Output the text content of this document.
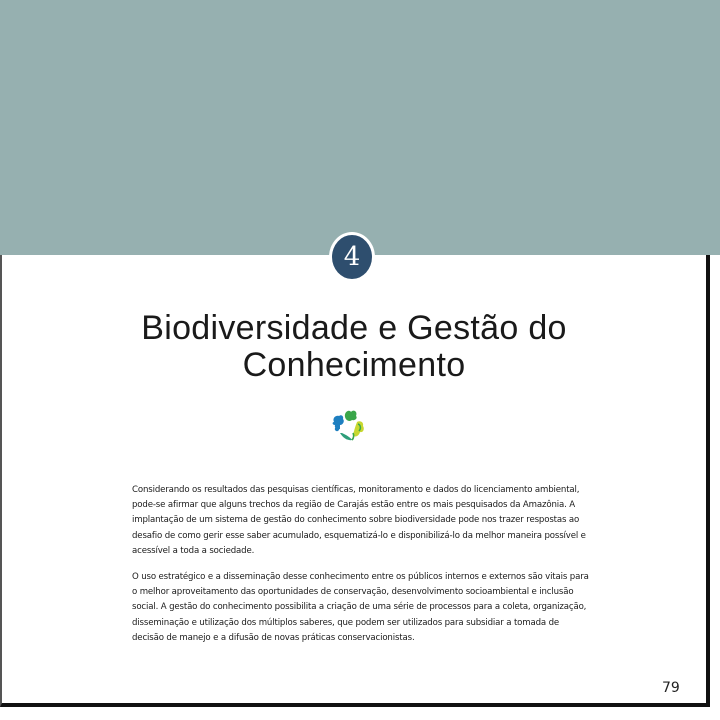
4
Biodiversidade e Gestão do
Conhecimento

Considerando os resultados das pesquisas científicas, monitoramento e dados do licenciamento ambiental, pode-se afirmar que alguns trechos da região de Carajás estão entre os mais pesquisados da Amazônia. A implantação de um sistema de gestão do conhecimento sobre biodiversidade pode nos trazer respostas ao desafio de como gerir esse saber acumulado, esquematizá-lo e disponibilizá-lo da melhor maneira possível e acessível a toda a sociedade.

O uso estratégico e a disseminação desse conhecimento entre os públicos internos e externos são vitais para o melhor aproveitamento das oportunidades de conservação, desenvolvimento socioambiental e inclusão social. A gestão do conhecimento possibilita a criação de uma série de processos para a coleta, organização, disseminação e utilização dos múltiplos saberes, que podem ser utilizados para subsidiar a tomada de decisão de manejo e a difusão de novas práticas conservacionistas.

79
